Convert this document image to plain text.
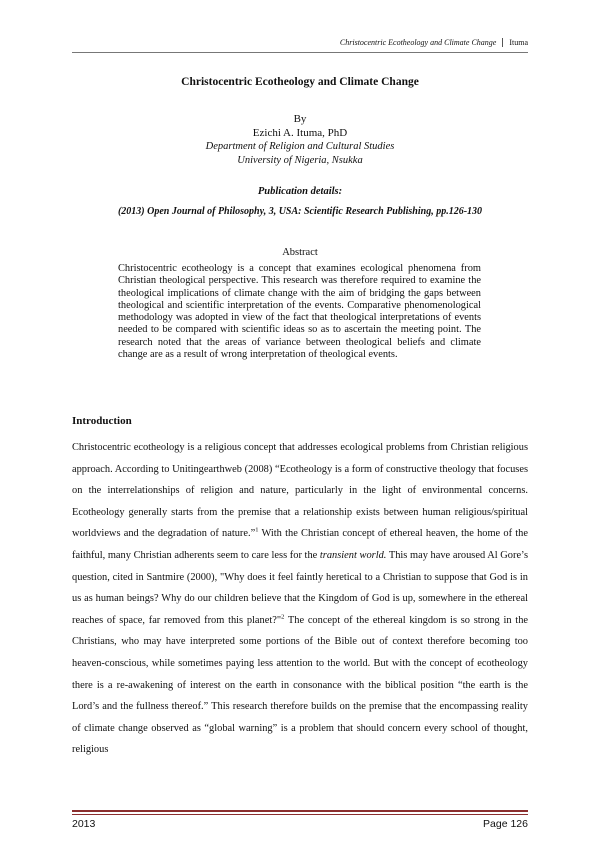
Christocentric Ecotheology and Climate Change	Ituma
Christocentric Ecotheology and Climate Change
By
Ezichi A. Ituma, PhD
Department of Religion and Cultural Studies
University of Nigeria, Nsukka
Publication details:
(2013) Open Journal of Philosophy, 3, USA: Scientific Research Publishing, pp.126-130
Abstract
Christocentric ecotheology is a concept that examines ecological phenomena from Christian theological perspective. This research was therefore required to examine the theological implications of climate change with the aim of bridging the gaps between theological and scientific interpretation of the events. Comparative phenomenological methodology was adopted in view of the fact that theological interpretations of events needed to be compared with scientific ideas so as to ascertain the meeting point. The research noted that the areas of variance between theological beliefs and climate change are as a result of wrong interpretation of theological events.
Introduction
Christocentric ecotheology is a religious concept that addresses ecological problems from Christian religious approach. According to Unitingearthweb (2008) “Ecotheology is a form of constructive theology that focuses on the interrelationships of religion and nature, particularly in the light of environmental concerns. Ecotheology generally starts from the premise that a relationship exists between human religious/spiritual worldviews and the degradation of nature.”$^1$ With the Christian concept of ethereal heaven, the home of the faithful, many Christian adherents seem to care less for the transient world. This may have aroused Al Gore’s question, cited in Santmire (2000), "Why does it feel faintly heretical to a Christian to suppose that God is in us as human beings? Why do our children believe that the Kingdom of God is up, somewhere in the ethereal reaches of space, far removed from this planet?"$^2$ The concept of the ethereal kingdom is so strong in the Christians, who may have interpreted some portions of the Bible out of context therefore becoming too heaven-conscious, while sometimes paying less attention to the world. But with the concept of ecotheology there is a re-awakening of interest on the earth in consonance with the biblical position “the earth is the Lord’s and the fullness thereof.” This research therefore builds on the premise that the encompassing reality of climate change observed as “global warning” is a problem that should concern every school of thought, religious
2013	Page 126
